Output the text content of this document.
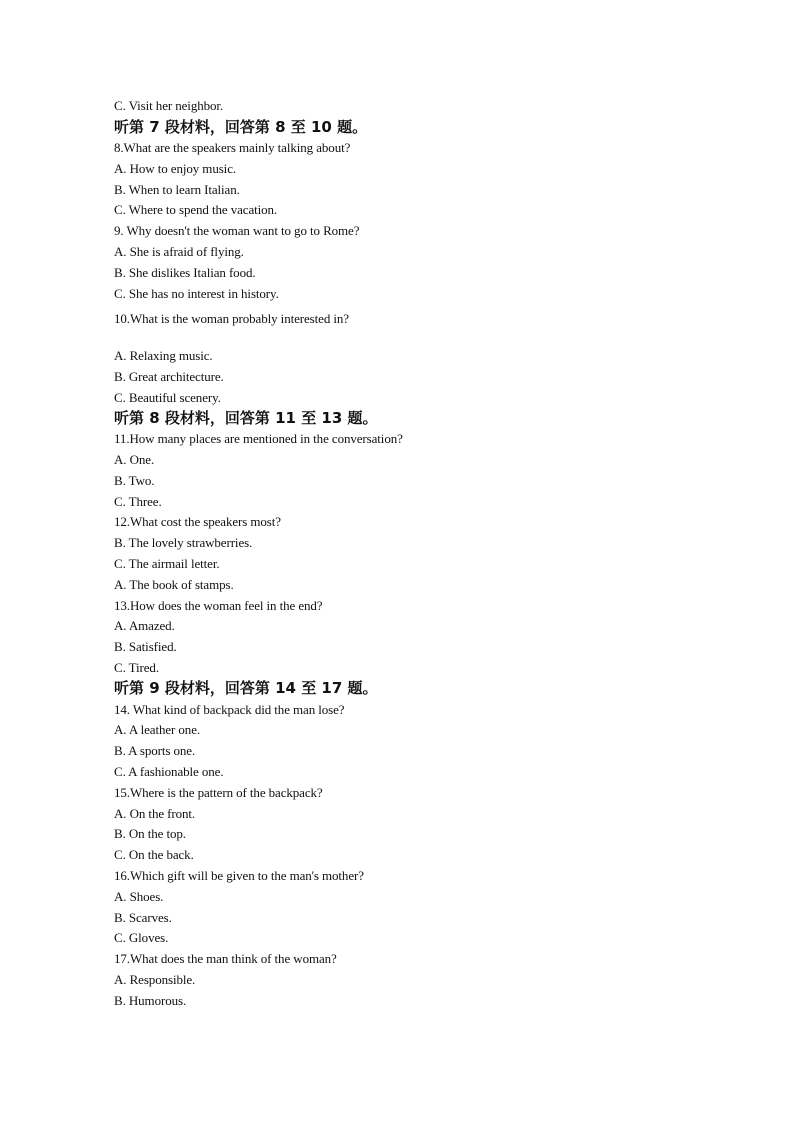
C. Visit her neighbor.
听第 7 段材料，回答第 8 至 10 题。
8.What are the speakers mainly talking about?
A. How to enjoy music.
B. When to learn Italian.
C. Where to spend the vacation.
9. Why doesn't the woman want to go to Rome?
A. She is afraid of flying.
B. She dislikes Italian food.
C. She has no interest in history.
10.What is the woman probably interested in?
A. Relaxing music.
B. Great architecture.
C. Beautiful scenery.
听第 8 段材料，回答第 11 至 13 题。
11.How many places are mentioned in the conversation?
A. One.
B. Two.
C. Three.
12.What cost the speakers most?
B. The lovely strawberries.
C. The airmail letter.
A. The book of stamps.
13.How does the woman feel in the end?
A. Amazed.
B. Satisfied.
C. Tired.
听第 9 段材料，回答第 14 至 17 题。
14. What kind of backpack did the man lose?
A. A leather one.
B. A sports one.
C. A fashionable one.
15.Where is the pattern of the backpack?
A. On the front.
B. On the top.
C. On the back.
16.Which gift will be given to the man's mother?
A. Shoes.
B. Scarves.
C. Gloves.
17.What does the man think of the woman?
A. Responsible.
B. Humorous.
